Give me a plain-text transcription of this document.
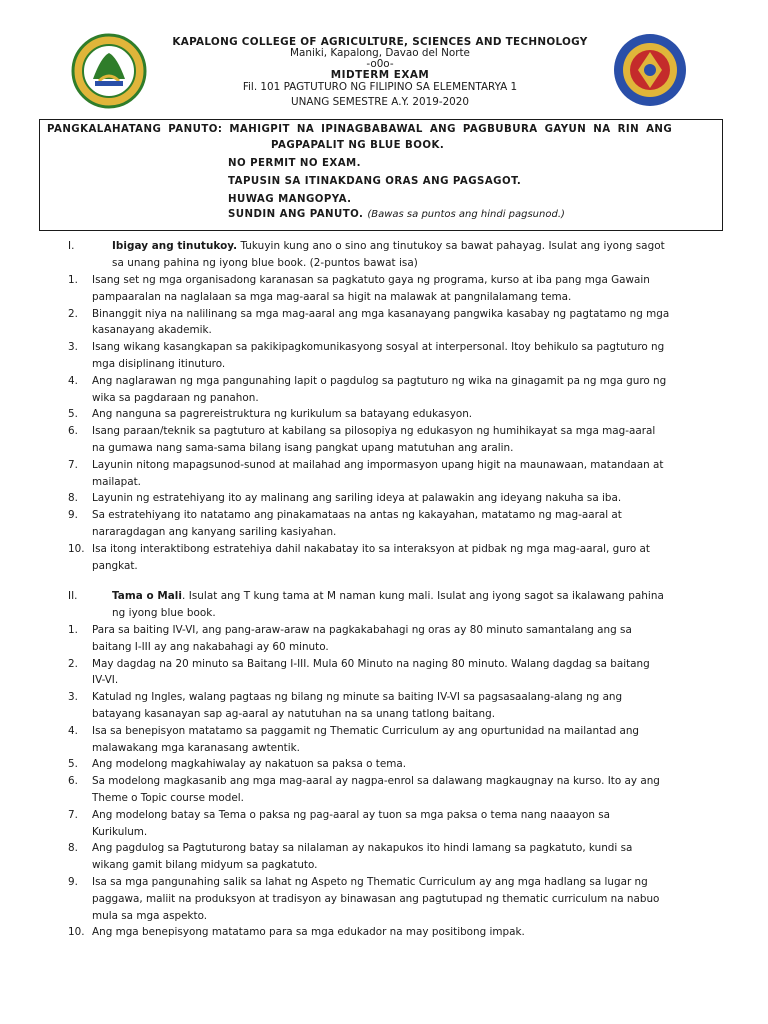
KAPALONG COLLEGE OF AGRICULTURE, SCIENCES AND TECHNOLOGY
Maniki, Kapalong, Davao del Norte
-o0o-
MIDTERM EXAM
Fil. 101 PAGTUTURO NG FILIPINO SA ELEMENTARYA 1
UNANG SEMESTRE A.Y. 2019-2020
PANGKALAHATANG PANUTO: MAHIGPIT NA IPINAGBABAWAL ANG PAGBUBURA GAYUN NA RIN ANG
PAGPAPALIT NG BLUE BOOK.
NO PERMIT NO EXAM.
TAPUSIN SA ITINAKDANG ORAS ANG PAGSAGOT.
HUWAG MANGOPYA.
SUNDIN ANG PANUTO. (Bawas sa puntos ang hindi pagsunod.)
I.	Ibigay ang tinutukoy. Tukuyin kung ano o sino ang tinutukoy sa bawat pahayag. Isulat ang iyong sagot
sa unang pahina ng iyong blue book. (2-puntos bawat isa)
1. Isang set ng mga organisadong karanasan sa pagkatuto gaya ng programa, kurso at iba pang mga Gawain
pampaaralan na naglalaan sa mga mag-aaral sa higit na malawak at pangnilalamang tema.
2. Binanggit niya na nalilinang sa mga mag-aaral ang mga kasanayang pangwika kasabay ng pagtatamo ng mga
kasanayang akademik.
3. Isang wikang kasangkapan sa pakikipagkomunikasyong sosyal at interpersonal. Itoy behikulo sa pagtuturo ng
mga disiplinang itinuturo.
4. Ang naglarawan ng mga pangunahing lapit o pagdulog sa pagtuturo ng wika na ginagamit pa ng mga guro ng
wika sa pagdaraan ng panahon.
5. Ang nanguna sa pagrereistruktura ng kurikulum sa batayang edukasyon.
6. Isang paraan/teknik sa pagtuturo at kabilang sa pilosopiya ng edukasyon ng humihikayat sa mga mag-aaral
na gumawa nang sama-sama bilang isang pangkat upang matutuhan ang aralin.
7. Layunin nitong mapagsunod-sunod at mailahad ang impormasyon upang higit na maunawaan, matandaan at
mailapat.
8. Layunin ng estratehiyang ito ay malinang ang sariling ideya at palawakin ang ideyang nakuha sa iba.
9. Sa estratehiyang ito natatamo ang pinakamataas na antas ng kakayahan, matatamo ng mag-aaral at
nararagdagan ang kanyang sariling kasiyahan.
10. Isa itong interaktibong estratehiya dahil nakabatay ito sa interaksyon at pidbak ng mga mag-aaral, guro at
pangkat.
II.	Tama o Mali. Isulat ang T kung tama at M naman kung mali. Isulat ang iyong sagot sa ikalawang pahina
ng iyong blue book.
1. Para sa baiting IV-VI, ang pang-araw-araw na pagkakabahagi ng oras ay 80 minuto samantalang ang sa
baitang I-III ay ang nakabahagi ay 60 minuto.
2. May dagdag na 20 minuto sa Baitang I-III. Mula 60 Minuto na naging 80 minuto. Walang dagdag sa baitang
IV-VI.
3. Katulad ng Ingles, walang pagtaas ng bilang ng minute sa baiting IV-VI sa pagsasaalang-alang ng ang
batayang kasanayan sap ag-aaral ay natutuhan na sa unang tatlong baitang.
4. Isa sa benepisyon matatamo sa paggamit ng Thematic Curriculum ay ang opurtunidad na mailantad ang
malawakang mga karanasang awtentik.
5. Ang modelong magkahiwalay ay nakatuon sa paksa o tema.
6. Sa modelong magkasanib ang mga mag-aaral ay nagpa-enrol sa dalawang magkaugnay na kurso. Ito ay ang
Theme o Topic course model.
7. Ang modelong batay sa Tema o paksa ng pag-aaral ay tuon sa mga paksa o tema nang naaayon sa
Kurikulum.
8. Ang pagdulog sa Pagtuturong batay sa nilalaman ay nakapukos ito hindi lamang sa pagkatuto, kundi sa
wikang gamit bilang midyum sa pagkatuto.
9. Isa sa mga pangunahing salik sa lahat ng Aspeto ng Thematic Curriculum ay ang mga hadlang sa lugar ng
paggawa, maliit na produksyon at tradisyon ay binawasan ang pagtutupad ng thematic curriculum na nabuo
mula sa mga aspekto.
10. Ang mga benepisyong matatamo para sa mga edukador na may positibong impak.
